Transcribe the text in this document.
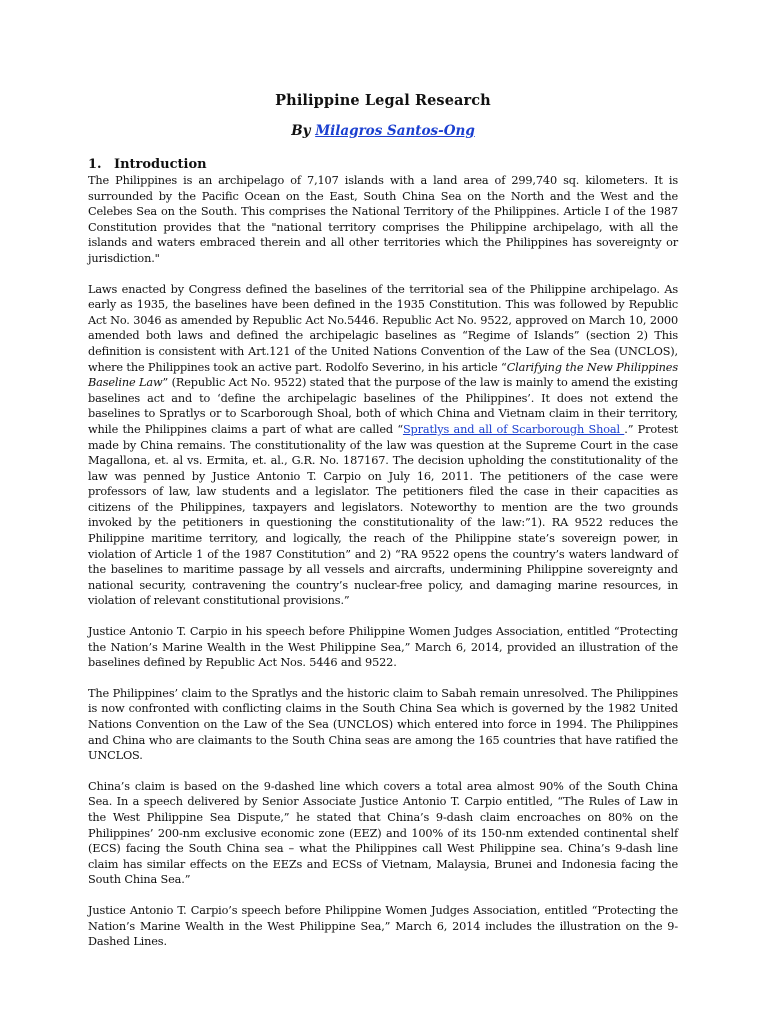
Philippine Legal Research
By Milagros Santos-Ong
1. Introduction

The Philippines is an archipelago of 7,107 islands with a land area of 299,740 sq. kilometers. It is surrounded by the Pacific Ocean on the East, South China Sea on the North and the West and the Celebes Sea on the South. This comprises the National Territory of the Philippines. Article I of the 1987 Constitution provides that the "national territory comprises the Philippine archipelago, with all the islands and waters embraced therein and all other territories which the Philippines has sovereignty or jurisdiction."

Laws enacted by Congress defined the baselines of the territorial sea of the Philippine archipelago. As early as 1935, the baselines have been defined in the 1935 Constitution. This was followed by Republic Act No. 3046 as amended by Republic Act No.5446. Republic Act No. 9522, approved on March 10, 2000 amended both laws and defined the archipelagic baselines as “Regime of Islands” (section 2) This definition is consistent with Art.121 of the United Nations Convention of the Law of the Sea (UNCLOS), where the Philippines took an active part. Rodolfo Severino, in his article “Clarifying the New Philippines Baseline Law” (Republic Act No. 9522) stated that the purpose of the law is mainly to amend the existing baselines act and to ‘define the archipelagic baselines of the Philippines’. It does not extend the baselines to Spratlys or to Scarborough Shoal, both of which China and Vietnam claim in their territory, while the Philippines claims a part of what are called “Spratlys and all of Scarborough Shoal .” Protest made by China remains. The constitutionality of the law was question at the Supreme Court in the case Magallona, et. al vs. Ermita, et. al., G.R. No. 187167. The decision upholding the constitutionality of the law was penned by Justice Antonio T. Carpio on July 16, 2011. The petitioners of the case were professors of law, law students and a legislator. The petitioners filed the case in their capacities as citizens of the Philippines, taxpayers and legislators. Noteworthy to mention are the two grounds invoked by the petitioners in questioning the constitutionality of the law:”1). RA 9522 reduces the Philippine maritime territory, and logically, the reach of the Philippine state’s sovereign power, in violation of Article 1 of the 1987 Constitution” and 2) “RA 9522 opens the country’s waters landward of the baselines to maritime passage by all vessels and aircrafts, undermining Philippine sovereignty and national security, contravening the country’s nuclear-free policy, and damaging marine resources, in violation of relevant constitutional provisions.”

Justice Antonio T. Carpio in his speech before Philippine Women Judges Association, entitled “Protecting the Nation’s Marine Wealth in the West Philippine Sea,” March 6, 2014, provided an illustration of the baselines defined by Republic Act Nos. 5446 and 9522.

The Philippines’ claim to the Spratlys and the historic claim to Sabah remain unresolved. The Philippines is now confronted with conflicting claims in the South China Sea which is governed by the 1982 United Nations Convention on the Law of the Sea (UNCLOS) which entered into force in 1994. The Philippines and China who are claimants to the South China seas are among the 165 countries that have ratified the UNCLOS.

China’s claim is based on the 9-dashed line which covers a total area almost 90% of the South China Sea. In a speech delivered by Senior Associate Justice Antonio T. Carpio entitled, “The Rules of Law in the West Philippine Sea Dispute,” he stated that China’s 9-dash claim encroaches on 80% on the Philippines’ 200-nm exclusive economic zone (EEZ) and 100% of its 150-nm extended continental shelf (ECS) facing the South China sea – what the Philippines call West Philippine sea. China’s 9-dash line claim has similar effects on the EEZs and ECSs of Vietnam, Malaysia, Brunei and Indonesia facing the South China Sea.”

Justice Antonio T. Carpio’s speech before Philippine Women Judges Association, entitled “Protecting the Nation’s Marine Wealth in the West Philippine Sea,” March 6, 2014 includes the illustration on the 9-Dashed Lines.
